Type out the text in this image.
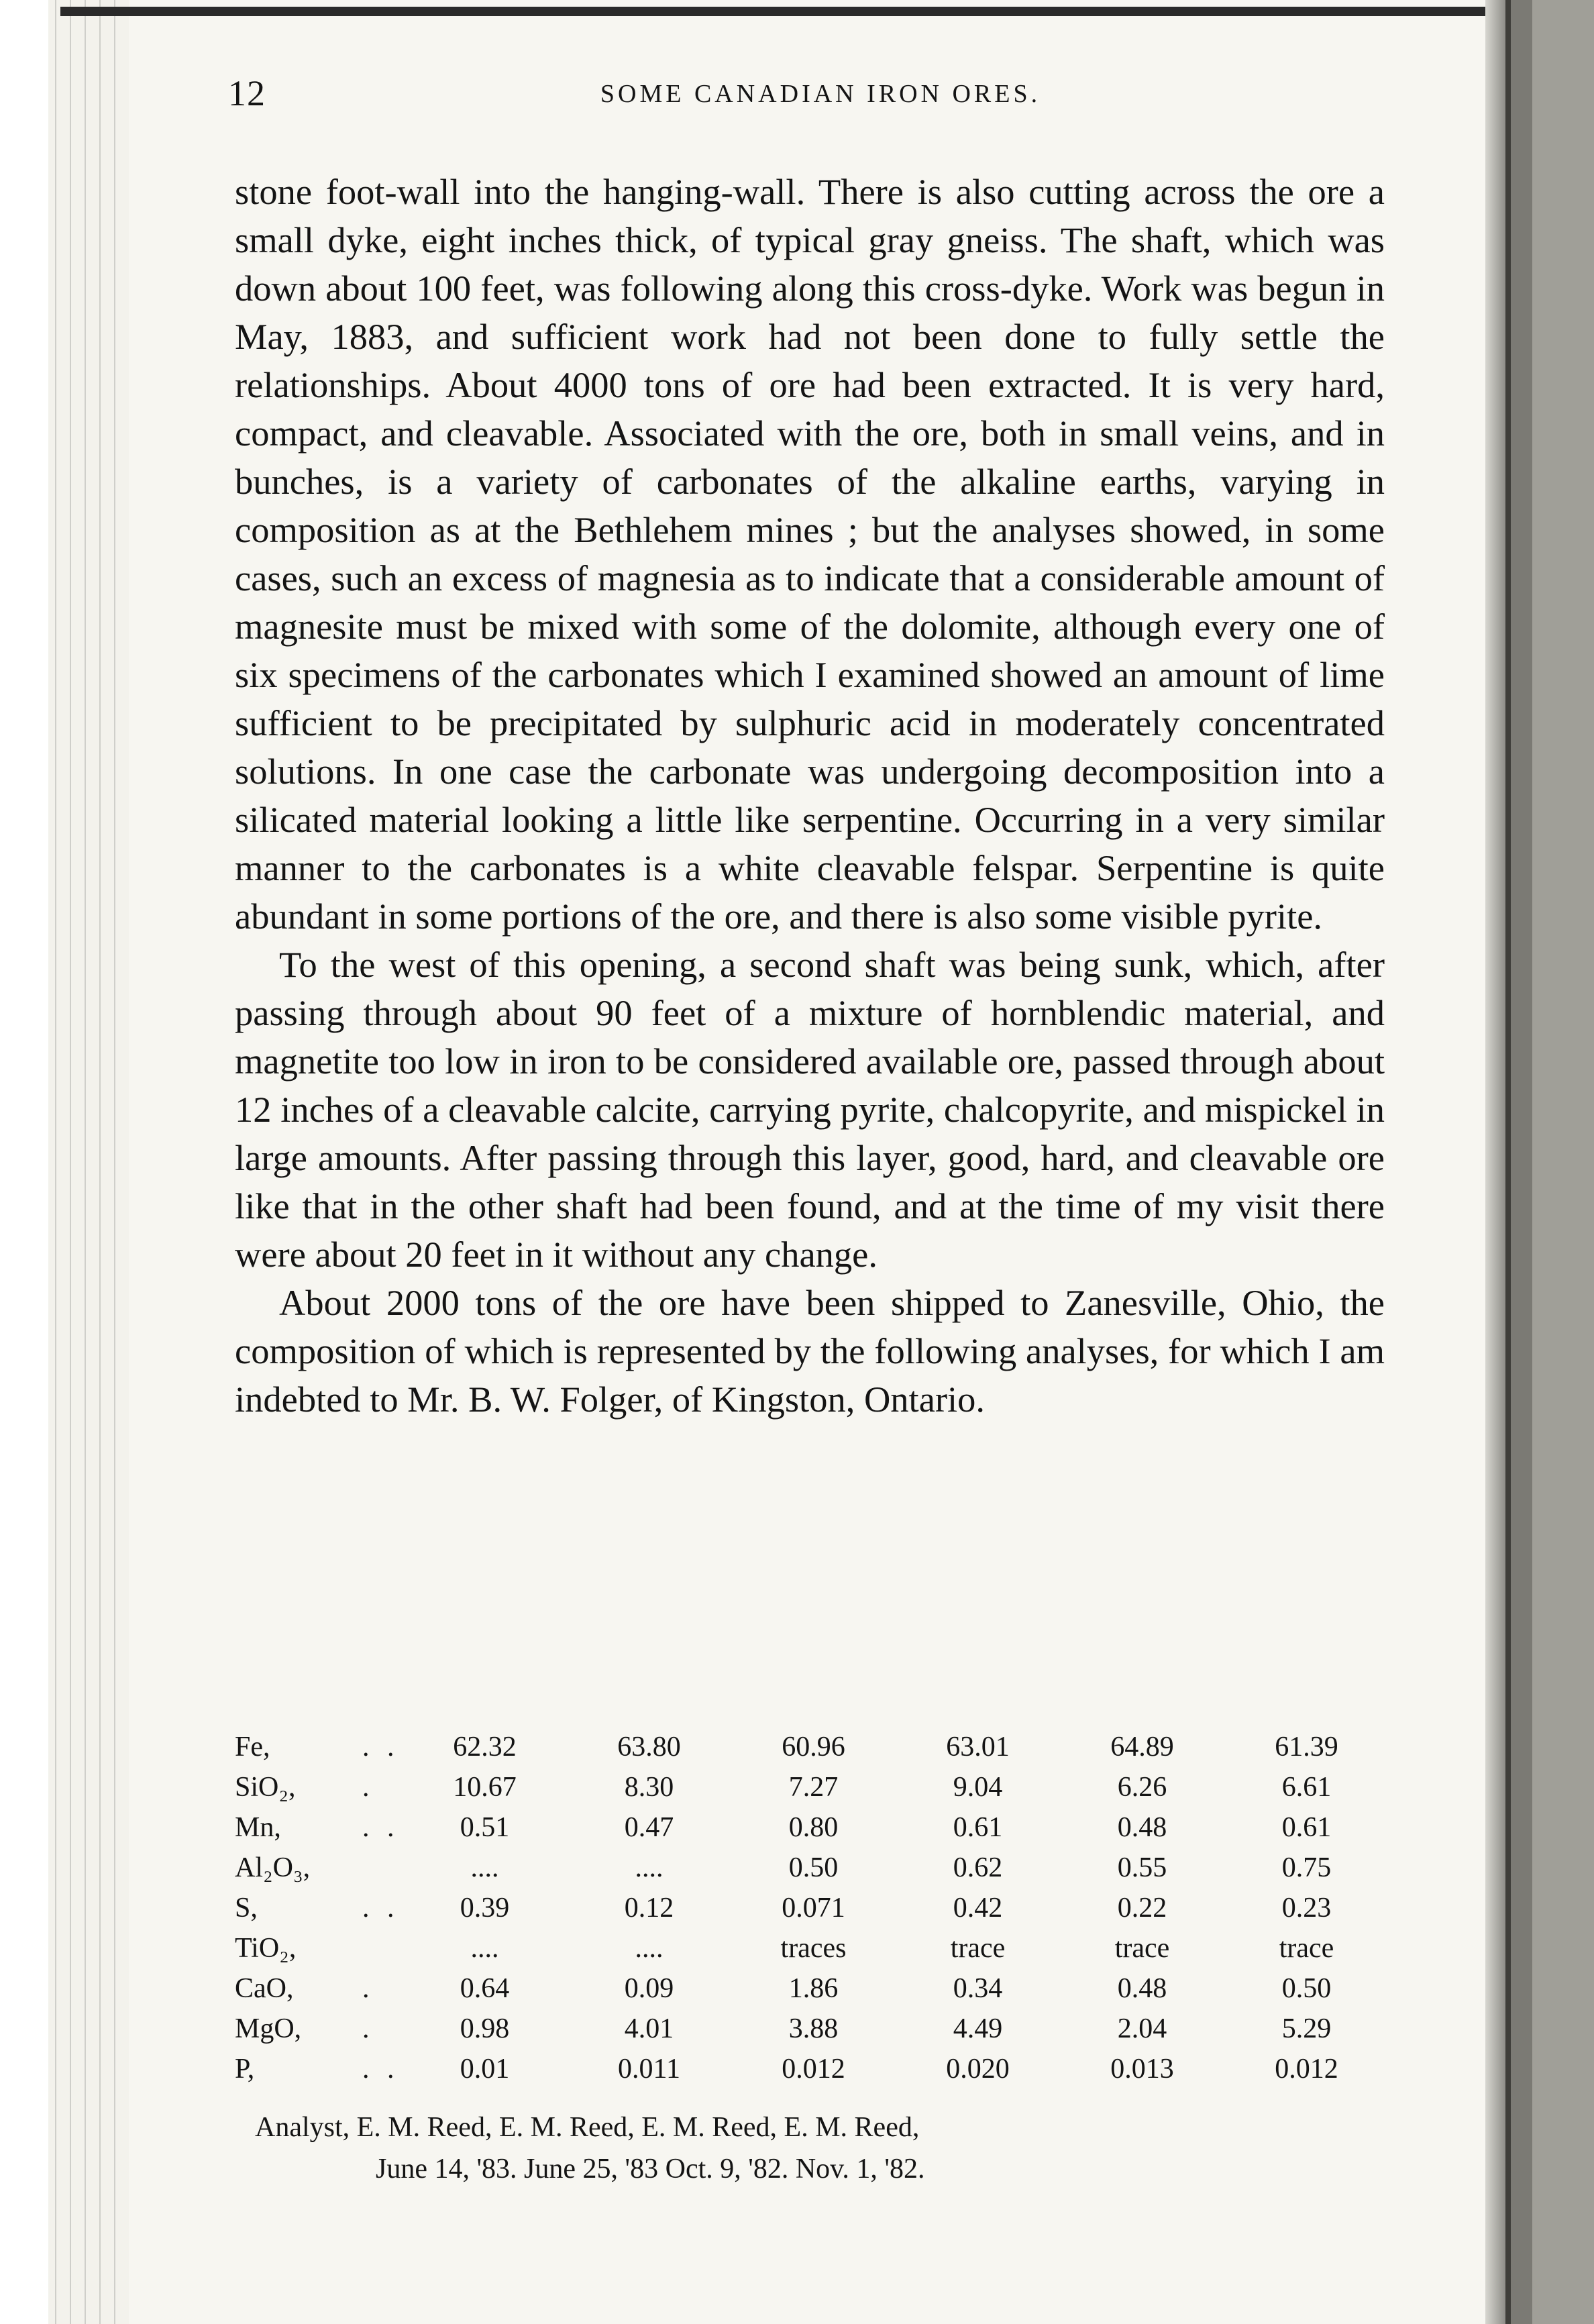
12	SOME CANADIAN IRON ORES.

stone foot-wall into the hanging-wall. There is also cutting across the ore a small dyke, eight inches thick, of typical gray gneiss. The shaft, which was down about 100 feet, was following along this cross-dyke. Work was begun in May, 1883, and sufficient work had not been done to fully settle the relationships. About 4000 tons of ore had been extracted. It is very hard, compact, and cleavable. Associated with the ore, both in small veins, and in bunches, is a variety of carbonates of the alkaline earths, varying in composition as at the Bethlehem mines ; but the analyses showed, in some cases, such an excess of magnesia as to indicate that a considerable amount of magnesite must be mixed with some of the dolomite, although every one of six specimens of the carbonates which I examined showed an amount of lime sufficient to be precipitated by sulphuric acid in moderately concentrated solutions. In one case the carbonate was undergoing decomposition into a silicated material looking a little like serpentine. Occurring in a very similar manner to the carbonates is a white cleavable felspar. Serpentine is quite abundant in some portions of the ore, and there is also some visible pyrite.

To the west of this opening, a second shaft was being sunk, which, after passing through about 90 feet of a mixture of hornblendic material, and magnetite too low in iron to be considered available ore, passed through about 12 inches of a cleavable calcite, carrying pyrite, chalcopyrite, and mispickel in large amounts. After passing through this layer, good, hard, and cleavable ore like that in the other shaft had been found, and at the time of my visit there were about 20 feet in it without any change.

About 2000 tons of the ore have been shipped to Zanesville, Ohio, the composition of which is represented by the following analyses, for which I am indebted to Mr. B. W. Folger, of Kingston, Ontario.

Fe,	. .	62.32	63.80	60.96	63.01	64.89	61.39
SiO₂,	.	10.67	8.30	7.27	9.04	6.26	6.61
Mn,	. .	0.51	0.47	0.80	0.61	0.48	0.61
Al₂O₃,		....	....	0.50	0.62	0.55	0.75
S,	. .	0.39	0.12	0.071	0.42	0.22	0.23
TiO₂,		....	....	traces	trace	trace	trace
CaO,	.	0.64	0.09	1.86	0.34	0.48	0.50
MgO,	.	0.98	4.01	3.88	4.49	2.04	5.29
P,	. .	0.01	0.011	0.012	0.020	0.013	0.012
Analyst, E. M. Reed, E. M. Reed, E. M. Reed, E. M. Reed,
June 14, '83. June 25, '83 Oct. 9, '82. Nov. 1, '82.
